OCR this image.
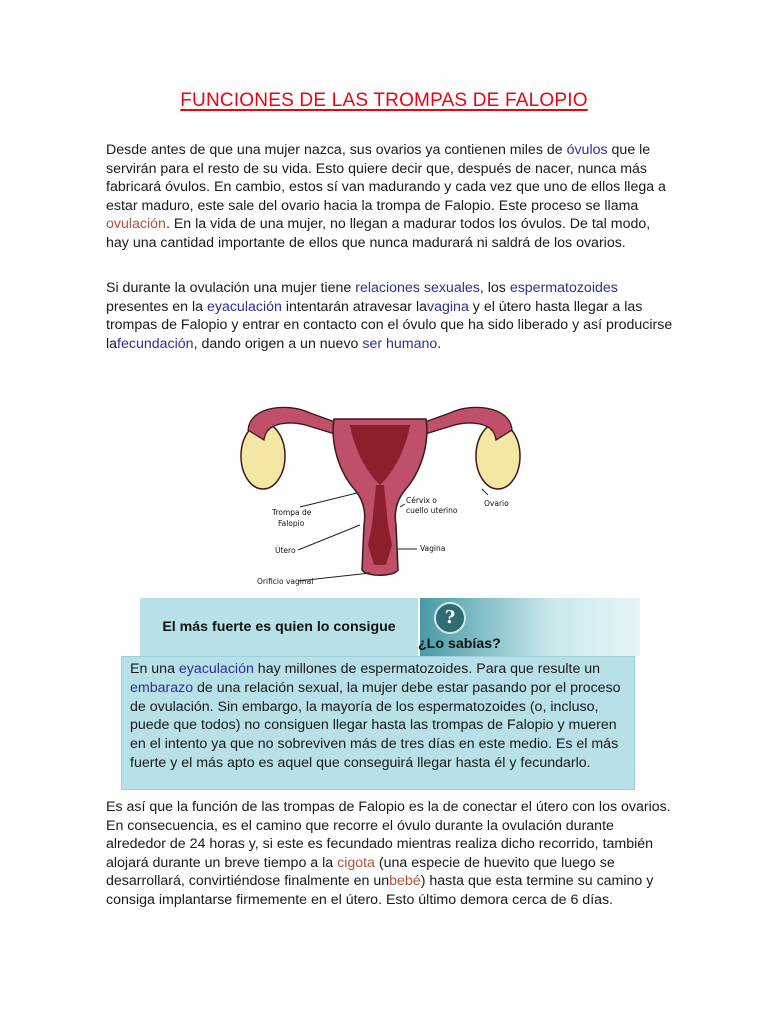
FUNCIONES DE LAS TROMPAS DE FALOPIO

Desde antes de que una mujer nazca, sus ovarios ya contienen miles de óvulos que le servirán para el resto de su vida. Esto quiere decir que, después de nacer, nunca más fabricará óvulos. En cambio, estos sí van madurando y cada vez que uno de ellos llega a estar maduro, este sale del ovario hacia la trompa de Falopio. Este proceso se llama ovulación. En la vida de una mujer, no llegan a madurar todos los óvulos. De tal modo, hay una cantidad importante de ellos que nunca madurará ni saldrá de los ovarios.

Si durante la ovulación una mujer tiene relaciones sexuales, los espermatozoides presentes en la eyaculación intentarán atravesar lavagina y el útero hasta llegar a las trompas de Falopio y entrar en contacto con el óvulo que ha sido liberado y así producirse lafecundación, dando origen a un nuevo ser humano.

Cérvix o
cuello uterino
Ovario
Trompa de
Falopio
Útero	Vagina
Orificio vaginal
El más fuerte es quien lo consigue	?
¿Lo sabías?

En una eyaculación hay millones de espermatozoides. Para que resulte un embarazo de una relación sexual, la mujer debe estar pasando por el proceso de ovulación. Sin embargo, la mayoría de los espermatozoides (o, incluso, puede que todos) no consiguen llegar hasta las trompas de Falopio y mueren en el intento ya que no sobreviven más de tres días en este medio. Es el más fuerte y el más apto es aquel que conseguirá llegar hasta él y fecundarlo.

Es así que la función de las trompas de Falopio es la de conectar el útero con los ovarios. En consecuencia, es el camino que recorre el óvulo durante la ovulación durante alrededor de 24 horas y, si este es fecundado mientras realiza dicho recorrido, también alojará durante un breve tiempo a la cigota (una especie de huevito que luego se desarrollará, convirtiéndose finalmente en unbebé) hasta que esta termine su camino y consiga implantarse firmemente en el útero. Esto último demora cerca de 6 días.
